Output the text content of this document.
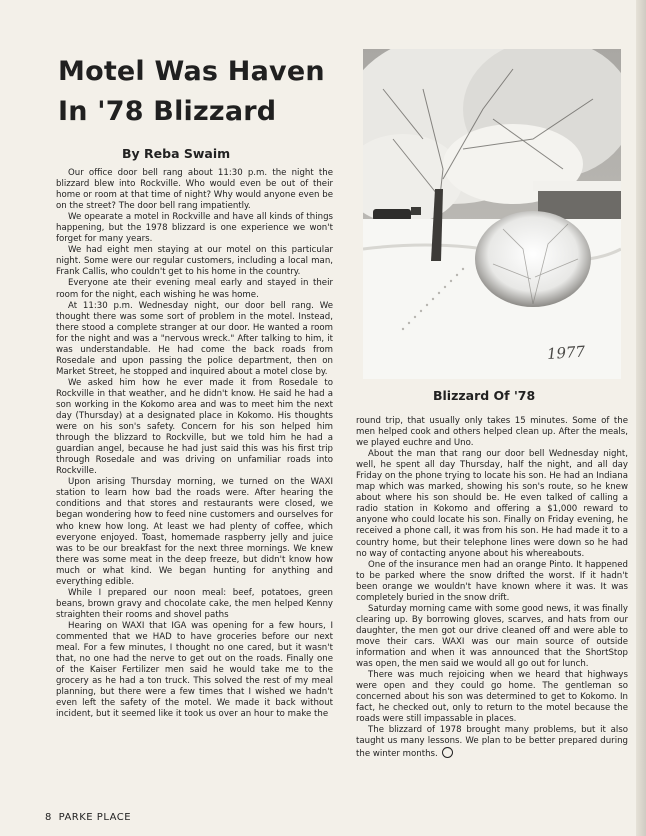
Motel Was Haven In '78 Blizzard
By Reba Swaim

Our office door bell rang about 11:30 p.m. the night the blizzard blew into Rockville. Who would even be out of their home or room at that time of night? Why would anyone even be on the street? The door bell rang impatiently.

We opearate a motel in Rockville and have all kinds of things happening, but the 1978 blizzard is one experience we won't forget for many years.

We had eight men staying at our motel on this particular night. Some were our regular customers, including a local man, Frank Callis, who couldn't get to his home in the country.

Everyone ate their evening meal early and stayed in their room for the night, each wishing he was home.

At 11:30 p.m. Wednesday night, our door bell rang. We thought there was some sort of problem in the motel. Instead, there stood a complete stranger at our door. He wanted a room for the night and was a "nervous wreck." After talking to him, it was understandable. He had come the back roads from Rosedale and upon passing the police department, then on Market Street, he stopped and inquired about a motel close by.

We asked him how he ever made it from Rosedale to Rockville in that weather, and he didn't know. He said he had a son working in the Kokomo area and was to meet him the next day (Thursday) at a designated place in Kokomo. His thoughts were on his son's safety. Concern for his son helped him through the blizzard to Rockville, but we told him he had a guardian angel, because he had just said this was his first trip through Rosedale and was driving on unfamiliar roads into Rockville.

Upon arising Thursday morning, we turned on the WAXI station to learn how bad the roads were. After hearing the conditions and that stores and restaurants were closed, we began wondering how to feed nine customers and ourselves for who knew how long. At least we had plenty of coffee, which everyone enjoyed. Toast, homemade raspberry jelly and juice was to be our breakfast for the next three mornings. We knew there was some meat in the deep freeze, but didn't know how much or what kind. We began hunting for anything and everything edible.

While I prepared our noon meal: beef, potatoes, green beans, brown gravy and chocolate cake, the men helped Kenny straighten their rooms and shovel paths

Hearing on WAXI that IGA was opening for a few hours, I commented that we HAD to have groceries before our next meal. For a few minutes, I thought no one cared, but it wasn't that, no one had the nerve to get out on the roads. Finally one of the Kaiser Fertilizer men said he would take me to the grocery as he had a ton truck. This solved the rest of my meal planning, but there were a few times that I wished we hadn't even left the safety of the motel. We made it back without incident, but it seemed like it took us over an hour to make the

1977
Blizzard Of '78

round trip, that usually only takes 15 minutes. Some of the men helped cook and others helped clean up. After the meals, we played euchre and Uno.

About the man that rang our door bell Wednesday night, well, he spent all day Thursday, half the night, and all day Friday on the phone trying to locate his son. He had an Indiana map which was marked, showing his son's route, so he knew about where his son should be. He even talked of calling a radio station in Kokomo and offering a $1,000 reward to anyone who could locate his son. Finally on Friday evening, he received a phone call, it was from his son. He had made it to a country home, but their telephone lines were down so he had no way of contacting anyone about his whereabouts.

One of the insurance men had an orange Pinto. It happened to be parked where the snow drifted the worst. If it hadn't been orange we wouldn't have known where it was. It was completely buried in the snow drift.

Saturday morning came with some good news, it was finally clearing up. By borrowing gloves, scarves, and hats from our daughter, the men got our drive cleaned off and were able to move their cars. WAXI was our main source of outside information and when it was announced that the ShortStop was open, the men said we would all go out for lunch.

There was much rejoicing when we heard that highways were open and they could go home. The gentleman so concerned about his son was determined to get to Kokomo. In fact, he checked out, only to return to the motel because the roads were still impassable in places.

The blizzard of 1978 brought many problems, but it also taught us many lessons. We plan to be better prepared during the winter months.

8 PARKE PLACE
